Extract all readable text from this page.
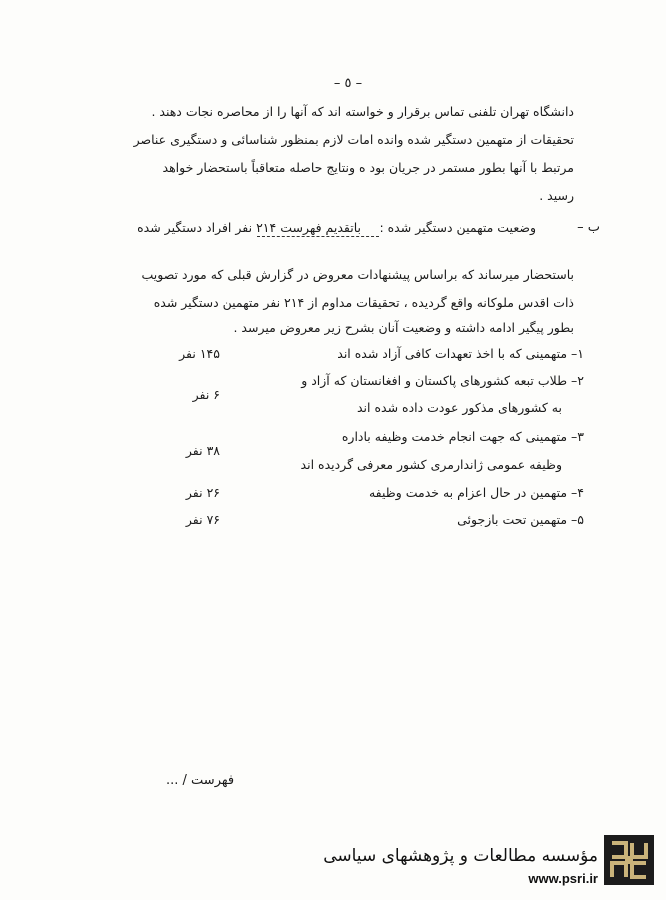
– ٥ –
دانشگاه تهران تلفنی تماس برقرار و خواسته اند که آنها را از محاصره نجات دهند .
تحقیقات از متهمین دستگیر شده وانده امات لازم بمنظور شناسائی و دستگیری عناصر
مرتبط با آنها بطور مستمر در جریان بود ه ونتایج حاصله متعاقباً باستحضار خواهد
رسید .
ب –
وضعیت متهمین دستگیر شده :
باتقدیم فهرست ۲۱۴ نفر افراد دستگیر شده
باستحضار میرساند که براساس پیشنهادات معروض در گزارش قبلی که مورد تصویب
ذات اقدس ملوکانه واقع گردیده ، تحقیقات مداوم از ۲۱۴ نفر متهمین دستگیر شده
بطور پیگیر ادامه داشته و وضعیت آنان بشرح زیر معروض میرسد .
۱– متهمینی که با اخذ تعهدات کافی آزاد شده اند
۱۴۵ نفر
۲– طلاب تبعه کشورهای پاکستان و افغانستان که آزاد و
به کشورهای مذکور عودت داده شده اند
۶ نفر
۳– متهمینی که جهت انجام خدمت وظیفه باداره
وظیفه عمومی ژاندارمری کشور معرفی گردیده اند
۳۸ نفر
۴– متهمین در حال اعزام به خدمت وظیفه
۲۶ نفر
۵– متهمین تحت بازجوئی
۷۶ نفر
فهرست / ...
مؤسسه مطالعات و پژوهشهای سیاسی
www.psri.ir
